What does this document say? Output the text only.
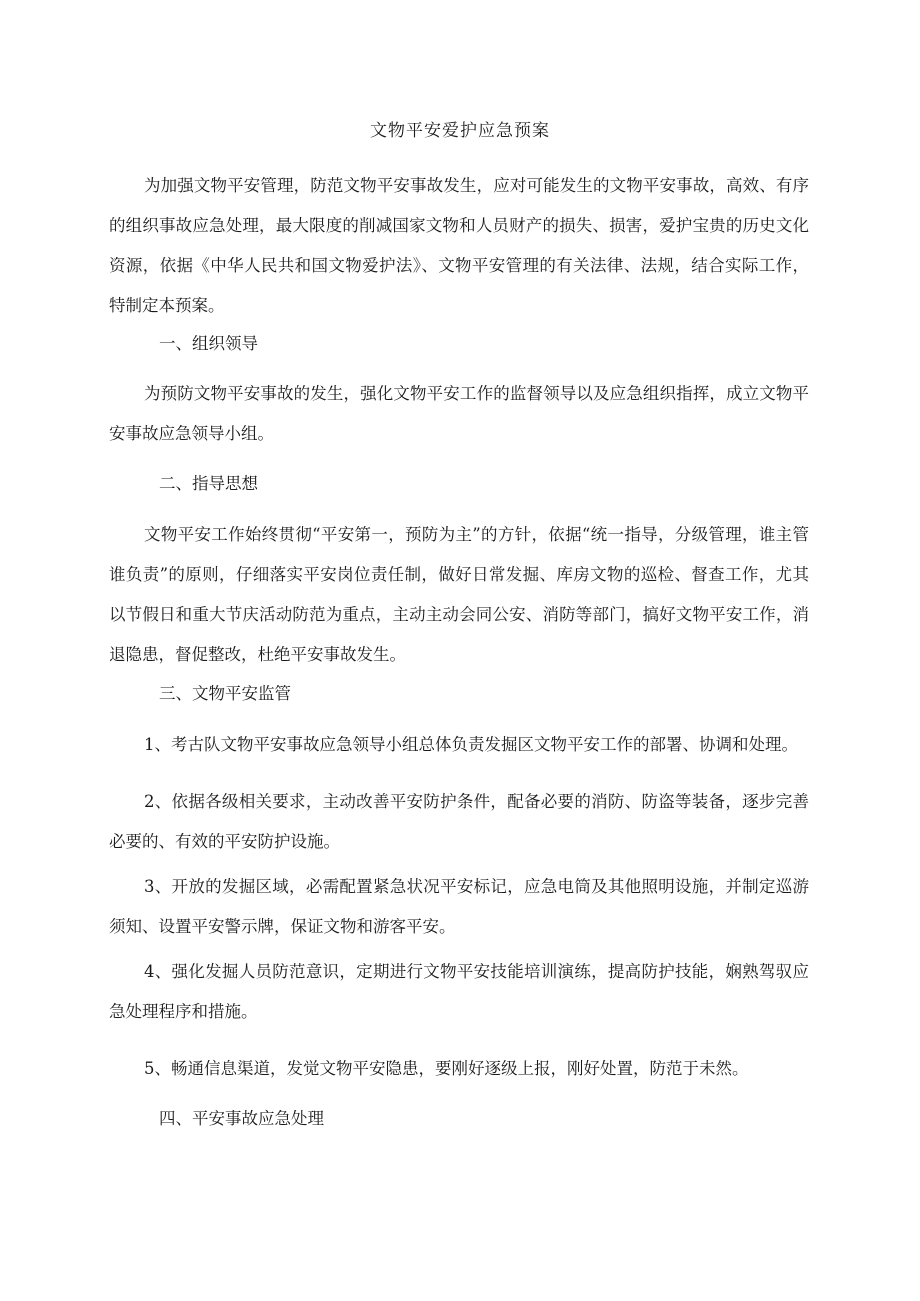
文物平安爱护应急预案

为加强文物平安管理，防范文物平安事故发生，应对可能发生的文物平安事故，高效、有序的组织事故应急处理，最大限度的削减国家文物和人员财产的损失、损害，爱护宝贵的历史文化资源，依据《中华人民共和国文物爱护法》、文物平安管理的有关法律、法规，结合实际工作，特制定本预案。

一、组织领导

为预防文物平安事故的发生，强化文物平安工作的监督领导以及应急组织指挥，成立文物平安事故应急领导小组。

二、指导思想

文物平安工作始终贯彻“平安第一，预防为主”的方针，依据“统一指导，分级管理，谁主管谁负责”的原则，仔细落实平安岗位责任制，做好日常发掘、库房文物的巡检、督查工作，尤其以节假日和重大节庆活动防范为重点，主动主动会同公安、消防等部门，搞好文物平安工作，消退隐患，督促整改，杜绝平安事故发生。

三、文物平安监管

1、考古队文物平安事故应急领导小组总体负责发掘区文物平安工作的部署、协调和处理。

2、依据各级相关要求，主动改善平安防护条件，配备必要的消防、防盗等装备，逐步完善必要的、有效的平安防护设施。

3、开放的发掘区域，必需配置紧急状况平安标记，应急电筒及其他照明设施，并制定巡游须知、设置平安警示牌，保证文物和游客平安。

4、强化发掘人员防范意识，定期进行文物平安技能培训演练，提高防护技能，娴熟驾驭应急处理程序和措施。

5、畅通信息渠道，发觉文物平安隐患，要刚好逐级上报，刚好处置，防范于未然。

四、平安事故应急处理
